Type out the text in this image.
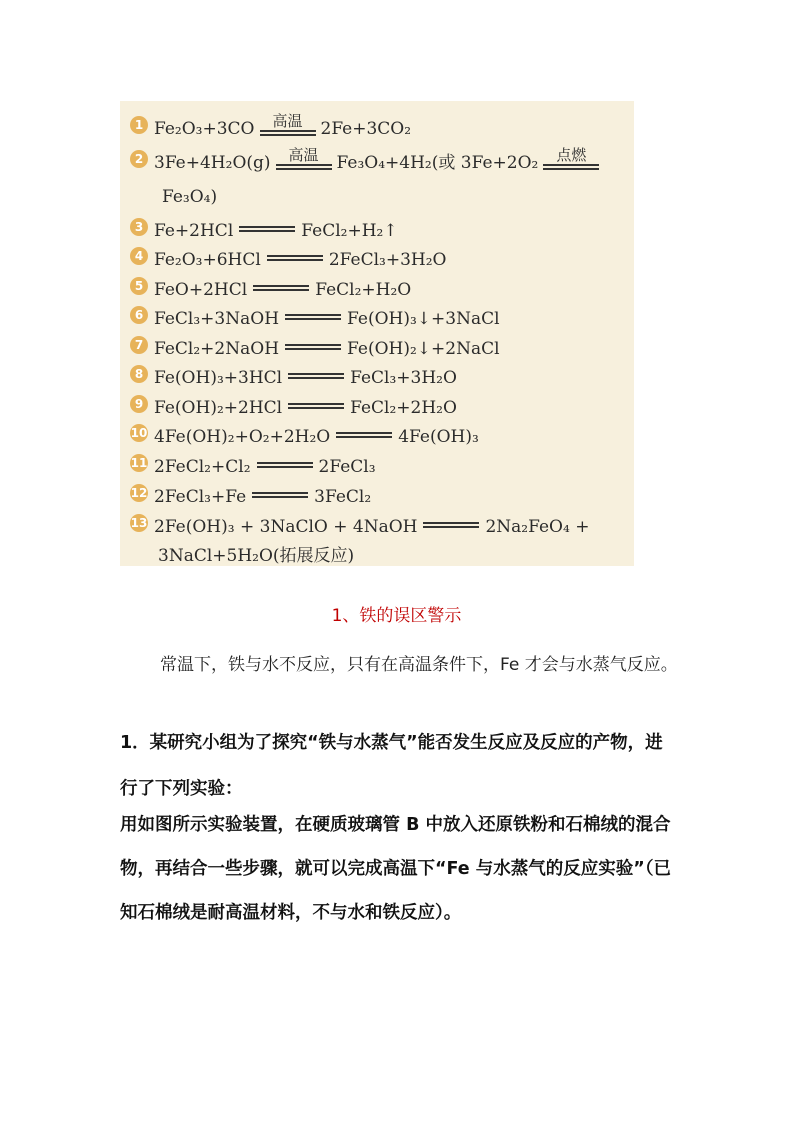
1 Fe₂O₃+3CO 高温 2Fe+3CO₂
2 3Fe+4H₂O(g) 高温 Fe₃O₄+4H₂(或 3Fe+2O₂ 点燃
Fe₃O₄)
3 Fe+2HCl	FeCl₂+H₂↑
4 Fe₂O₃+6HCl	2FeCl₃+3H₂O
5 FeO+2HCl	FeCl₂+H₂O
6 FeCl₃+3NaOH	Fe(OH)₃↓+3NaCl
7 FeCl₂+2NaOH	Fe(OH)₂↓+2NaCl
8 Fe(OH)₃+3HCl	FeCl₃+3H₂O
9 Fe(OH)₂+2HCl	FeCl₂+2H₂O
10 4Fe(OH)₂+O₂+2H₂O	4Fe(OH)₃
11 2FeCl₂+Cl₂	2FeCl₃
12 2FeCl₃+Fe	3FeCl₂
13 2Fe(OH)₃ + 3NaClO + 4NaOH	2Na₂FeO₄ +
3NaCl+5H₂O(拓展反应)
1、铁的误区警示
常温下，铁与水不反应，只有在高温条件下，Fe 才会与水蒸气反应。
1．某研究小组为了探究“铁与水蒸气”能否发生反应及反应的产物，进行了下列实验：
用如图所示实验装置，在硬质玻璃管 B 中放入还原铁粉和石棉绒的混合物，再结合一些步骤，就可以完成高温下“Fe 与水蒸气的反应实验”（已知石棉绒是耐高温材料，不与水和铁反应）。
